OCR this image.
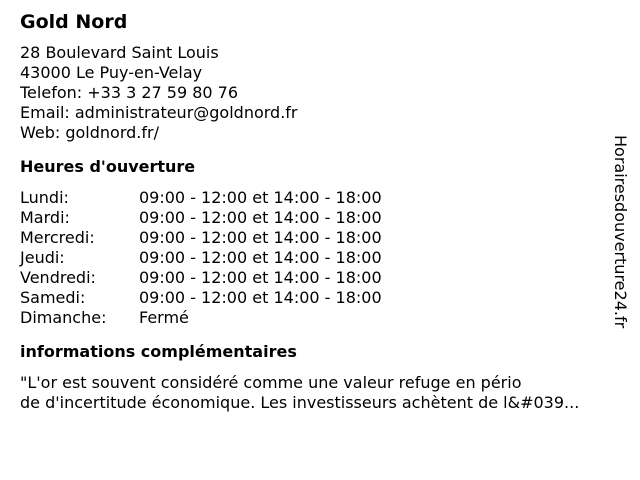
Gold Nord
28 Boulevard Saint Louis
43000 Le Puy-en-Velay
Telefon: +33 3 27 59 80 76
Email: administrateur@goldnord.fr
Web: goldnord.fr/
Heures d'ouverture
Lundi:	09:00 - 12:00 et 14:00 - 18:00
Mardi:	09:00 - 12:00 et 14:00 - 18:00
Mercredi:	09:00 - 12:00 et 14:00 - 18:00
Jeudi:	09:00 - 12:00 et 14:00 - 18:00
Vendredi:	09:00 - 12:00 et 14:00 - 18:00
Samedi:	09:00 - 12:00 et 14:00 - 18:00
Dimanche:	Fermé
informations complémentaires
"L'or est souvent considéré comme une valeur refuge en pério
de d'incertitude économique. Les investisseurs achètent de l&#039...
Horairesdouverture24.fr
